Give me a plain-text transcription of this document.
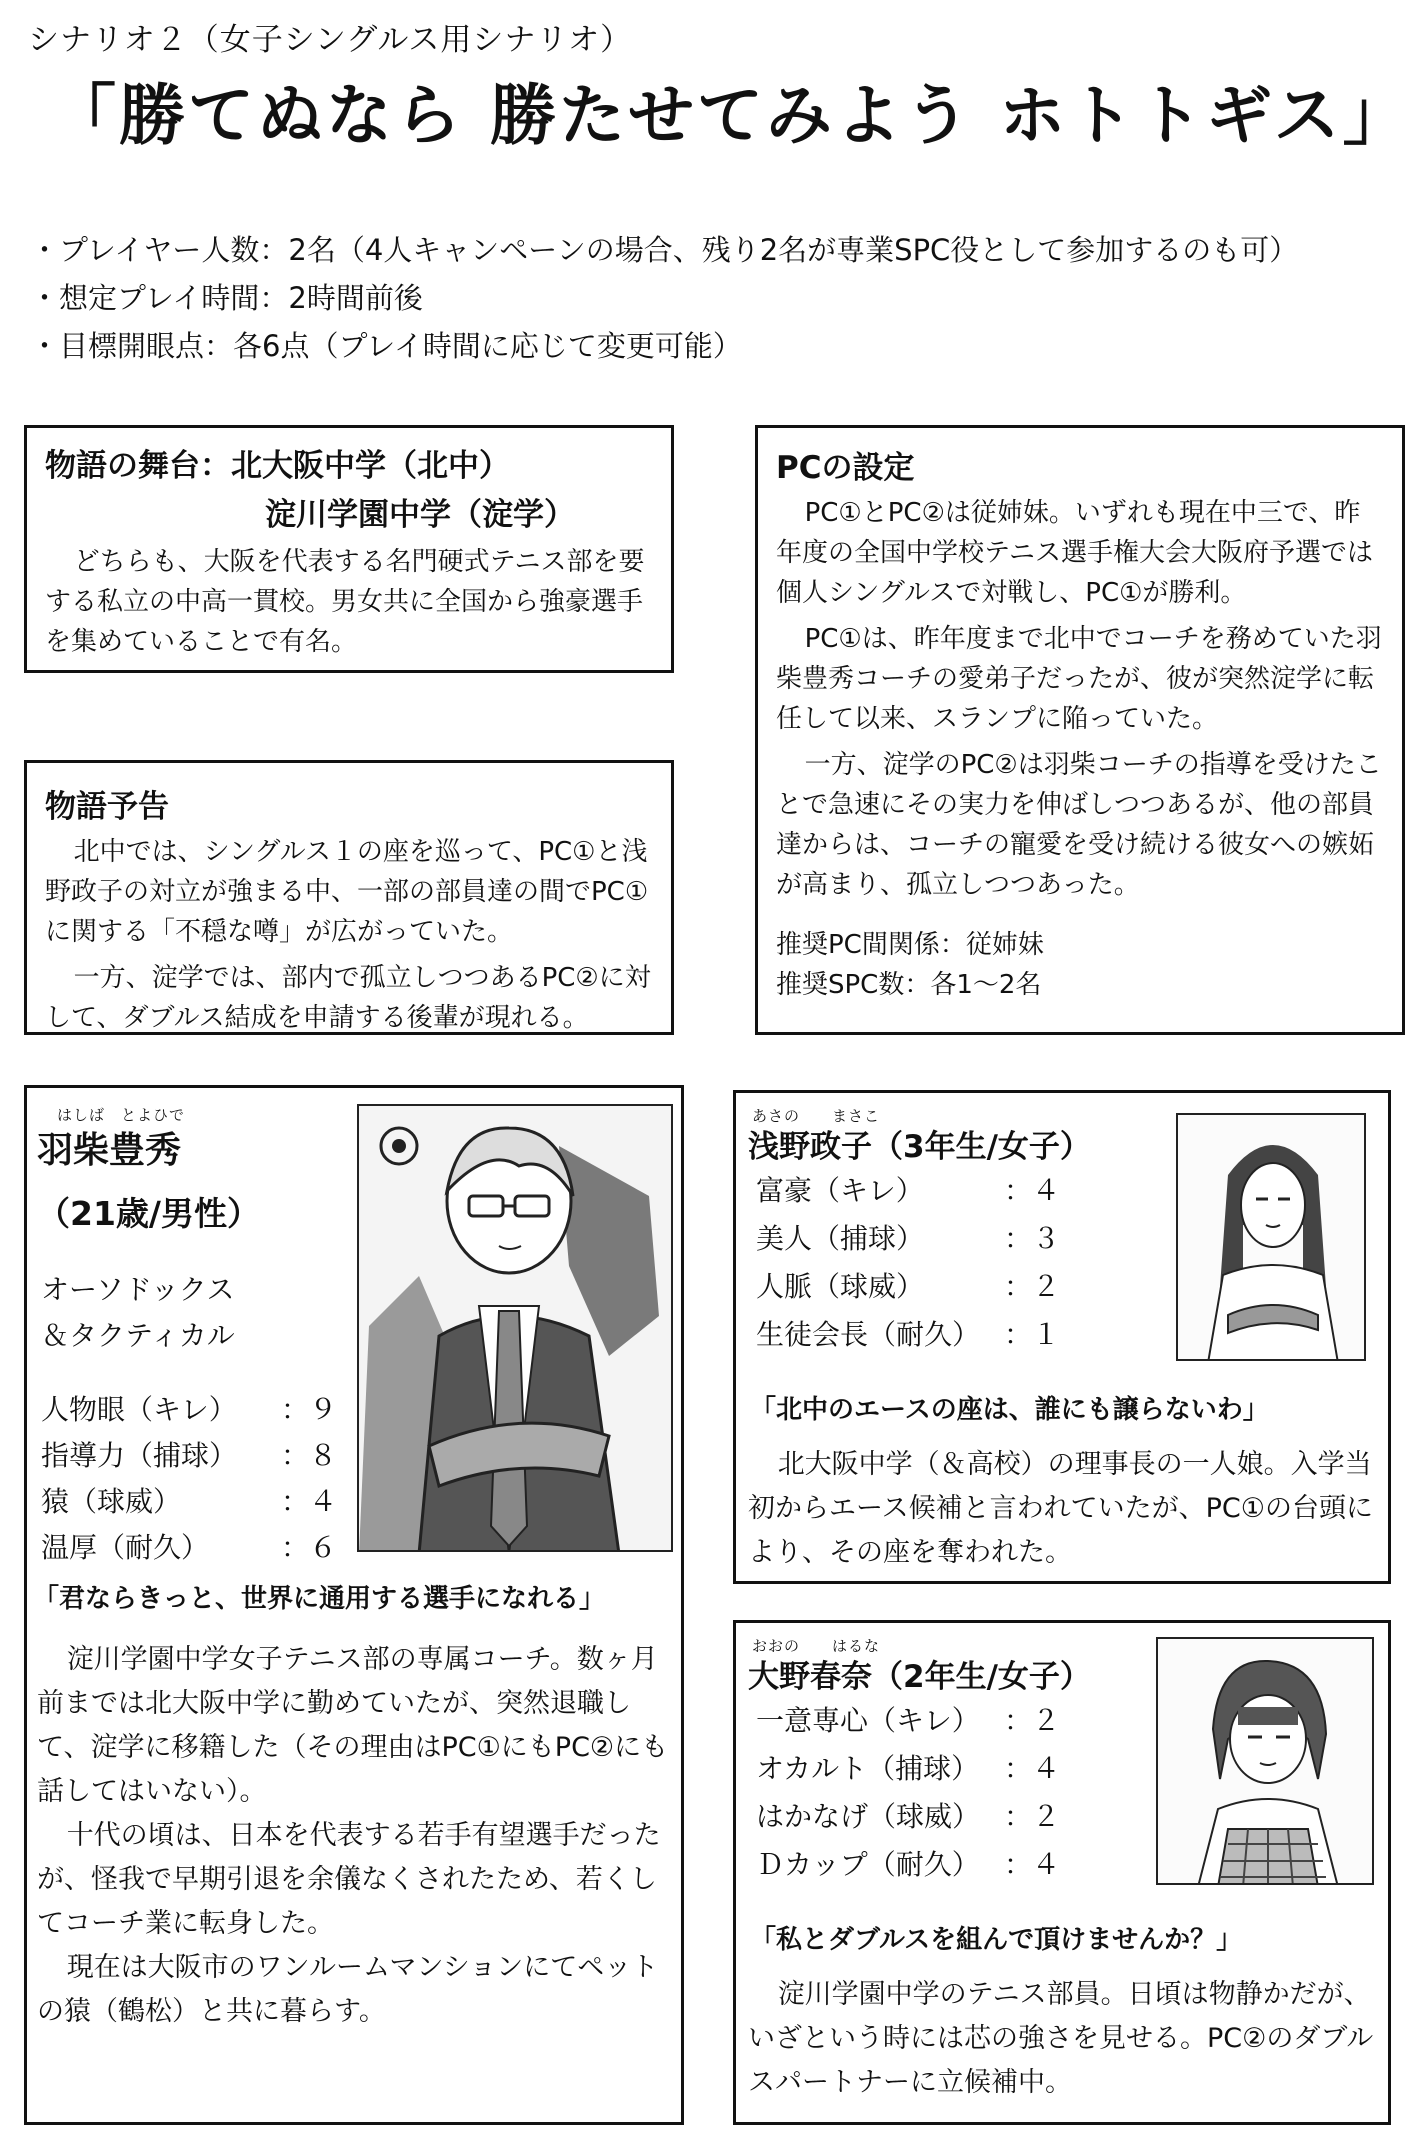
シナリオ２（女子シングルス用シナリオ）
「勝てぬなら 勝たせてみよう ホトトギス」
・プレイヤー人数：2名（4人キャンペーンの場合、残り2名が専業SPC役として参加するのも可）
・想定プレイ時間：2時間前後
・目標開眼点：各6点（プレイ時間に応じて変更可能）
物語の舞台：北大阪中学（北中）
淀川学園中学（淀学）

どちらも、大阪を代表する名門硬式テニス部を要する私立の中高一貫校。男女共に全国から強豪選手を集めていることで有名。

物語予告

北中では、シングルス１の座を巡って、PC①と浅野政子の対立が強まる中、一部の部員達の間でPC①に関する「不穏な噂」が広がっていた。

一方、淀学では、部内で孤立しつつあるPC②に対して、ダブルス結成を申請する後輩が現れる。

PCの設定

PC①とPC②は従姉妹。いずれも現在中三で、昨年度の全国中学校テニス選手権大会大阪府予選では個人シングルスで対戦し、PC①が勝利。

PC①は、昨年度まで北中でコーチを務めていた羽柴豊秀コーチの愛弟子だったが、彼が突然淀学に転任して以来、スランプに陥っていた。

一方、淀学のPC②は羽柴コーチの指導を受けたことで急速にその実力を伸ばしつつあるが、他の部員達からは、コーチの寵愛を受け続ける彼女への嫉妬が高まり、孤立しつつあった。

推奨PC間関係：従姉妹

推奨SPC数：各1～2名

はしば　とよひで
羽柴豊秀
（21歳/男性）
オーソドックス
＆タクティカル
人物眼（キレ） ：９
指導力（捕球） ：８
猿（球威）	：４
温厚（耐久）	：６
「君ならきっと、世界に通用する選手になれる」

淀川学園中学女子テニス部の専属コーチ。数ヶ月前までは北大阪中学に勤めていたが、突然退職して、淀学に移籍した（その理由はPC①にもPC②にも話してはいない）。

十代の頃は、日本を代表する若手有望選手だったが、怪我で早期引退を余儀なくされたため、若くしてコーチ業に転身した。

現在は大阪市のワンルームマンションにてペットの猿（鶴松）と共に暮らす。

あさの　　まさこ
浅野政子（3年生/女子）
富豪（キレ）	：４
美人（捕球）	：３
人脈（球威）	：２
生徒会長（耐久） ：１
「北中のエースの座は、誰にも譲らないわ」
北大阪中学（＆高校）の理事長の一人娘。入学当初からエース候補と言われていたが、PC①の台頭により、その座を奪われた。
おおの　　はるな
大野春奈（2年生/女子）
一意専心（キレ） ：２
オカルト（捕球） ：４
はかなげ（球威） ：２
Ｄカップ（耐久） ：４
「私とダブルスを組んで頂けませんか？」
淀川学園中学のテニス部員。日頃は物静かだが、いざという時には芯の強さを見せる。PC②のダブルスパートナーに立候補中。
